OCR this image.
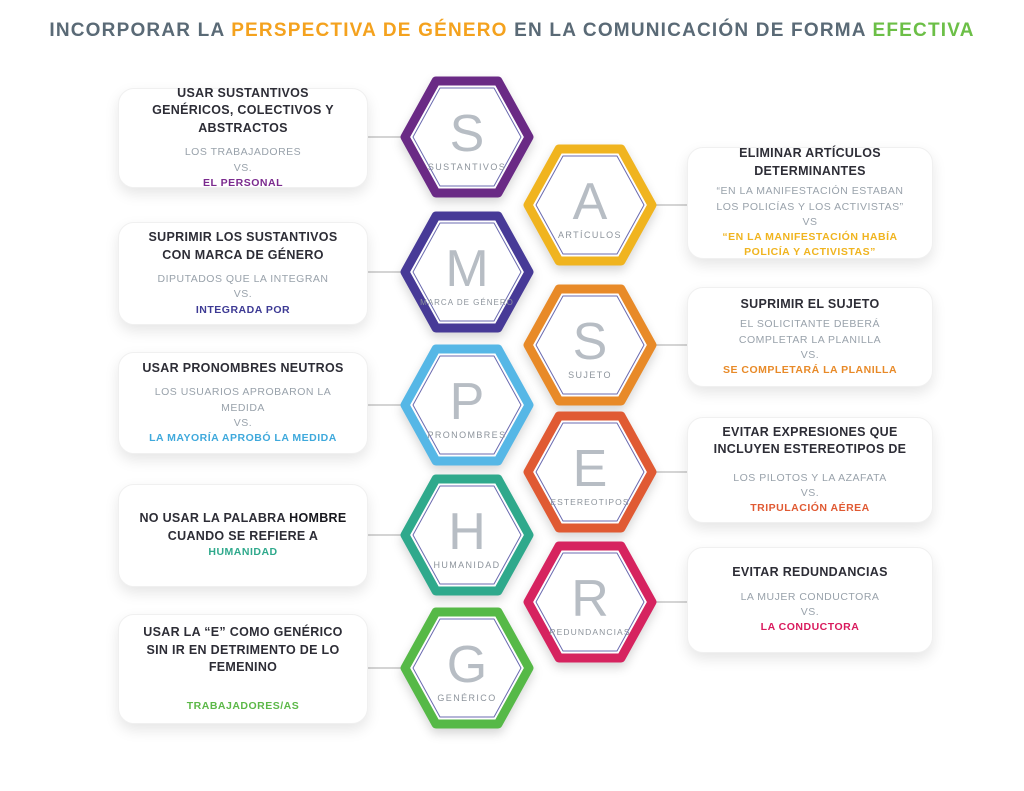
INCORPORAR LA PERSPECTIVA DE GÉNERO EN LA COMUNICACIÓN DE FORMA EFECTIVA
USAR SUSTANTIVOS GENÉRICOS, COLECTIVOS Y ABSTRACTOS
LOS TRABAJADORES
VS.
EL PERSONAL
SUPRIMIR LOS SUSTANTIVOS CON MARCA DE GÉNERO
DIPUTADOS QUE LA INTEGRAN
VS.
INTEGRADA POR
USAR PRONOMBRES NEUTROS
LOS USUARIOS APROBARON LA MEDIDA
VS.
LA MAYORÍA APROBÓ LA MEDIDA
NO USAR LA PALABRA HOMBRE CUANDO SE REFIERE A
HUMANIDAD
USAR LA “E” COMO GENÉRICO SIN IR EN DETRIMENTO DE LO FEMENINO
TRABAJADORES/AS
ELIMINAR ARTÍCULOS DETERMINANTES
“EN LA MANIFESTACIÓN ESTABAN LOS POLICÍAS Y LOS ACTIVISTAS”
VS
“EN LA MANIFESTACIÓN HABÍA POLICÍA Y ACTIVISTAS”
SUPRIMIR EL SUJETO
EL SOLICITANTE DEBERÁ COMPLETAR LA PLANILLA
VS.
SE COMPLETARÁ LA PLANILLA
EVITAR EXPRESIONES QUE INCLUYEN ESTEREOTIPOS DE
LOS PILOTOS Y LA AZAFATA
VS.
TRIPULACIÓN AÉREA
EVITAR REDUNDANCIAS
LA MUJER CONDUCTORA
VS.
LA CONDUCTORA
S
SUSTANTIVOS
A
ARTÍCULOS
M
MARCA DE GÉNERO
S
SUJETO
P
PRONOMBRES
E
ESTEREOTIPOS
H
HUMANIDAD
R
REDUNDANCIAS
G
GENÉRICO
